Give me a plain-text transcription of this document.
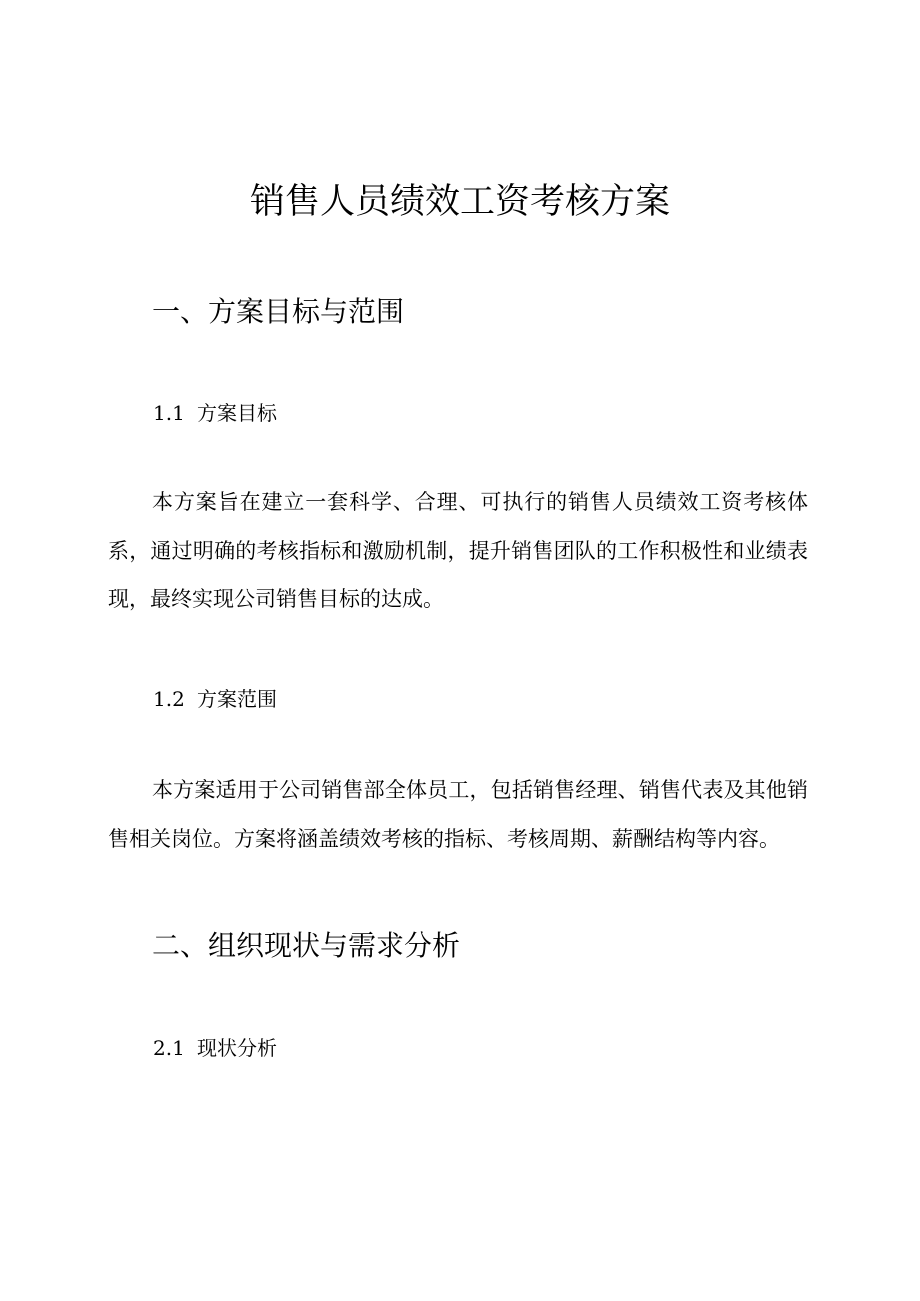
销售人员绩效工资考核方案
一、方案目标与范围
1.1 方案目标

本方案旨在建立一套科学、合理、可执行的销售人员绩效工资考核体系，通过明确的考核指标和激励机制，提升销售团队的工作积极性和业绩表现，最终实现公司销售目标的达成。

1.2 方案范围

本方案适用于公司销售部全体员工，包括销售经理、销售代表及其他销售相关岗位。方案将涵盖绩效考核的指标、考核周期、薪酬结构等内容。

二、组织现状与需求分析
2.1 现状分析
